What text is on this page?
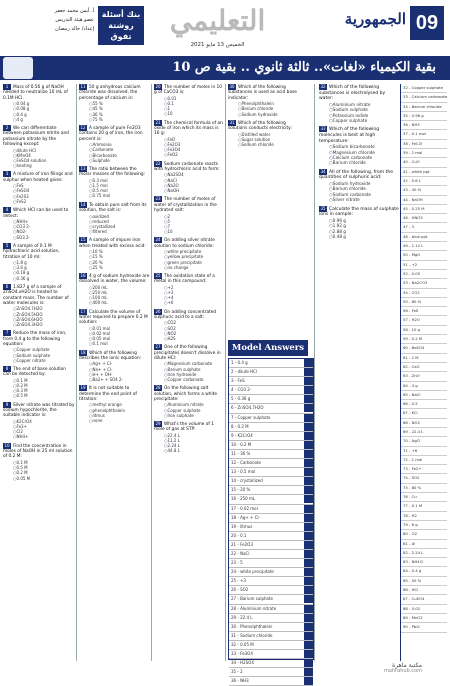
09
الجمهورية
التعليمي
الخميس 13 مايو 2021
بنك أسئلة
روشتة تفوق
أ. أيمن محمد جعفر
عضو هيئة التدريس
إعداد/ خالد رمضان
بقية الكيمياء «لغات».. ثالثة ثانوي .. بقية ص 10
1 Mass of 0.56 g of NaOH needed to neutralize 10 mL of 0.1M HCl.
○ 0.04 g
○ 0.08 g
○ 0.4 g
○ 4 g
2 We can differentiate between potassium nitrite and potassium nitrate by the following except:
○ dilute HCl
○ KMnO4
○ FeSO4 solution
○ heating
3 A mixture of iron filings and sulphur when heated gives:
○ FeS
○ FeSO4
○ Fe2S3
○ FeS2
4 Which HCl can be used to detect:
○ NH4+
○ CO3 2-
○ NO2-
○ SO3 2-
5 A sample of 0.1 M hydrochloric acid solution, titration of 10 ml:
○ 1.8 g
○ 3.6 g
○ 0.18 g
○ 0.36 g
6 1.827 g of a sample of ZnSO4.xH2O is heated to constant mass. The number of water molecules is:
○ ZnSO4.7H2O
○ ZnSO4.5H2O
○ ZnSO4.6H2O
○ ZnSO4.3H2O
7 Reduce the mass of iron, from 0.4 g to the following equation:
○ Copper sulphate
○ Sodium sulphate
○ Copper nitrate
8 The end of base solution can be detected by:
○ 0.1 M
○ 0.2 M
○ 0.3 M
○ 0.5 M
9 Silver nitrate was titrated by sodium hypochlorite, the suitable indicator is:
○ K2CrO4
○ Fe3+
○ Cl2
○ NH4+
10 Find the concentration in moles of NaOH in 25 ml solution of 0.2 M:
○ 0.1 M
○ 0.5 M
○ 0.2 M
○ 0.05 M
11 50 g anhydrous calcium chloride was dissolved, the percentage of calcium is:
○ 55 %
○ 45 %
○ 36 %
○ 75 %
12 A sample of pure Fe2O3 contains 20 g of iron, the iron percent is:
○ Ammonia
○ Carbonate
○ Bicarbonate
○ Sulphide
13 The ratio between the molar masses of the following:
○ 0.3 mol
○ 1.5 mol
○ 0.5 mol
○ 0.75 mol
14 To obtain pure salt from its solution, the salt is:
○ oxidized
○ reduced
○ crystallized
○ filtered
15 A sample of impure iron when treated with excess acid:
○ 10 %
○ 15 %
○ 20 %
○ 25 %
16 4 g of sodium hydroxide are dissolved in water, the volume:
○ 200 mL
○ 250 mL
○ 100 mL
○ 400 mL
17 Calculate the volume of water required to prepare 0.2 M solution:
○ 0.01 mol
○ 0.02 mol
○ 0.05 mol
○ 0.1 mol
18 Which of the following describes the ionic equation:
○ Ag+ + Cl-
○ Na+ + Cl-
○ H+ + OH-
○ Ba2+ + SO4 2-
19 It is not suitable to determine the end point of titration:
○ methyl orange
○ phenolphthalein
○ litmus
○ none
20 The number of moles in 10 g of CaCO3 is:
○ 0.01
○ 0.1
○ 1
○ 10
21 The chemical formula of an oxide of iron which its mass is 16 g:
○ FeO
○ Fe2O3
○ Fe3O4
○ FeO2
22 Sodium carbonate reacts with hydrochloric acid to form:
○ Na2SO4
○ NaCl
○ Na2O
○ NaOH
23 The number of moles of water of crystallization in the hydrated salt:
○ 2
○ 5
○ 7
○ 10
24 On adding silver nitrate solution to sodium chloride:
○ white precipitate
○ yellow precipitate
○ green precipitate
○ no change
25 The oxidation state of a metal in this compound:
○ +2
○ +3
○ +4
○ +6
26 On adding concentrated sulphuric acid to a salt:
○ CO2
○ SO2
○ NO2
○ H2S
27 One of the following precipitates doesn't dissolve in dilute HCl:
○ Magnesium carbonate
○ Barium sulphate
○ Iron hydroxide
○ Copper carbonate
28 On the following salt solution, which forms a white precipitate:
○ Aluminium nitrate
○ Copper sulphate
○ Iron sulphate
29 What's the volume of 1 mole of gas at STP:
○ 22.4 L
○ 11.2 L
○ 2.24 L
○ 44.8 L
30 Which of the following substances is used as acid base indicator:
○ Phenolphthalein
○ Barium chloride
○ Sodium hydroxide
31 Which of the following solutions conducts electricity:
○ Distilled water
○ Sugar solution
○ Sodium chloride
Model Answers
1 - 0.4 g
2 - dilute HCl
3 - FeS
4 - CO3 2-
5 - 0.36 g
6 - ZnSO4.7H2O
7 - Copper sulphate
8 - 0.2 M
9 - K2CrO4
10 - 0.2 M
11 - 36 %
12 - Carbonate
13 - 0.5 mol
14 - crystallized
15 - 20 %
16 - 250 mL
17 - 0.02 mol
18 - Ag+ + Cl-
19 - litmus
20 - 0.1
21 - Fe2O3
22 - NaCl
23 - 5
24 - white precipitate
25 - +3
26 - SO2
27 - Barium sulphate
28 - Aluminium nitrate
29 - 22.4 L
30 - Phenolphthalein
31 - Sodium chloride
32 - 0.05 M
33 - Fe3O4
34 - H2SO4
35 - 2
36 - NH3
32 Which of the following substances is electrolysed by water:
○ Aluminium nitrate
○ Sodium sulphate
○ Potassium iodide
○ Copper sulphate
33 Which of the following molecules is best at high temperature:
○ Sodium bicarbonate
○ Magnesium chloride
○ Calcium carbonate
○ Barium chloride
34 All of the following, from the quantities of sulphuric acid:
○ Sodium hydroxide
○ Barium chloride
○ Sodium carbonate
○ Silver nitrate
35 Calculate the mass of sulphate ions in sample:
○ 0.96 g
○ 1.92 g
○ 2.88 g
○ 0.48 g
32 - Copper sulphate
33 - Calcium carbonate
34 - Barium chloride
35 - 0.96 g
36 - NH3
37 - 0.1 mol
38 - FeCl3
39 - 2 mol
40 - CuO
41 - white ppt
42 - 5.6 L
43 - 40 %
44 - NaOH
45 - 0.25 M
46 - HNO3
47 - 3
48 - blue ppt
49 - 1.12 L
50 - MgO
51 - +2
52 - 0.05
53 - Na2CO3
54 - CO2
55 - 60 %
56 - FeS
57 - H2O
58 - 10 g
59 - 0.2 M
60 - BaSO4
61 - 2 M
62 - CaO
63 - ZnO
64 - 4 g
65 - NaCl
66 - 0.5
67 - KCl
68 - NO2
69 - 22.4 L
70 - AgCl
71 - +6
72 - 1 mol
73 - Fe2+
74 - SO2
75 - 80 %
76 - Cu
77 - 0.1 M
78 - H2
79 - 6 g
80 - O2
81 - Al
82 - 2.24 L
83 - NH4Cl
84 - 0.4 g
85 - 50 %
86 - HCl
87 - CuSO4
88 - 0.02
89 - MnO2
90 - PbI2
مكتبة ماهرة
mahrahub.com
